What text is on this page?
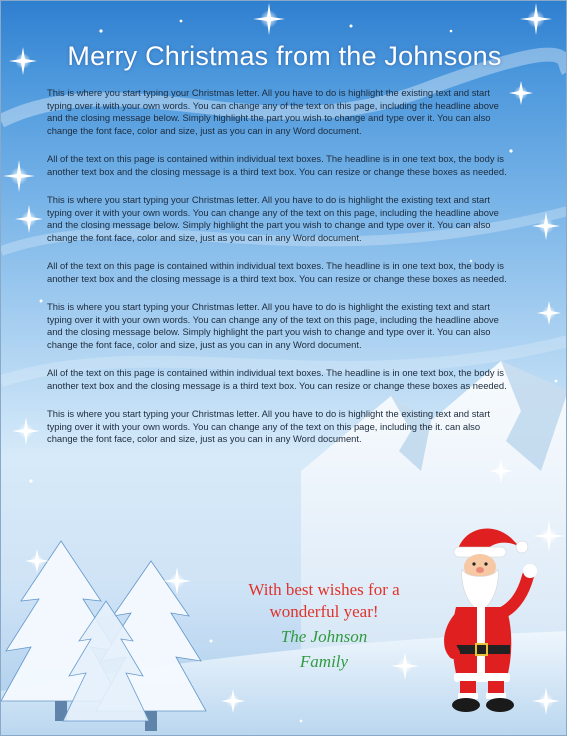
Merry Christmas from the Johnsons

This is where you start typing your Christmas letter. All you have to do is highlight the existing text and start typing over it with your own words. You can change any of the text on this page, including the headline above and the closing message below. Simply highlight the part you wish to change and type over it. You can also change the font face, color and size, just as you can in any Word document.

All of the text on this page is contained within individual text boxes. The headline is in one text box, the body is another text box and the closing message is a third text box. You can resize or change these boxes as needed.

This is where you start typing your Christmas letter. All you have to do is highlight the existing text and start typing over it with your own words. You can change any of the text on this page, including the headline above and the closing message below. Simply highlight the part you wish to change and type over it. You can also change the font face, color and size, just as you can in any Word document.

All of the text on this page is contained within individual text boxes. The headline is in one text box, the body is another text box and the closing message is a third text box. You can resize or change these boxes as needed.

This is where you start typing your Christmas letter. All you have to do is highlight the existing text and start typing over it with your own words. You can change any of the text on this page, including the headline above and the closing message below. Simply highlight the part you wish to change and type over it. You can also change the font face, color and size, just as you can in any Word document.

All of the text on this page is contained within individual text boxes. The headline is in one text box, the body is another text box and the closing message is a third text box. You can resize or change these boxes as needed.

This is where you start typing your Christmas letter. All you have to do is highlight the existing text and start typing over it with your own words. You can change any of the text on this page, including the it. can also change the font face, color and size, just as you can in any Word document.

With best wishes for a
wonderful year!
The Johnson
Family
